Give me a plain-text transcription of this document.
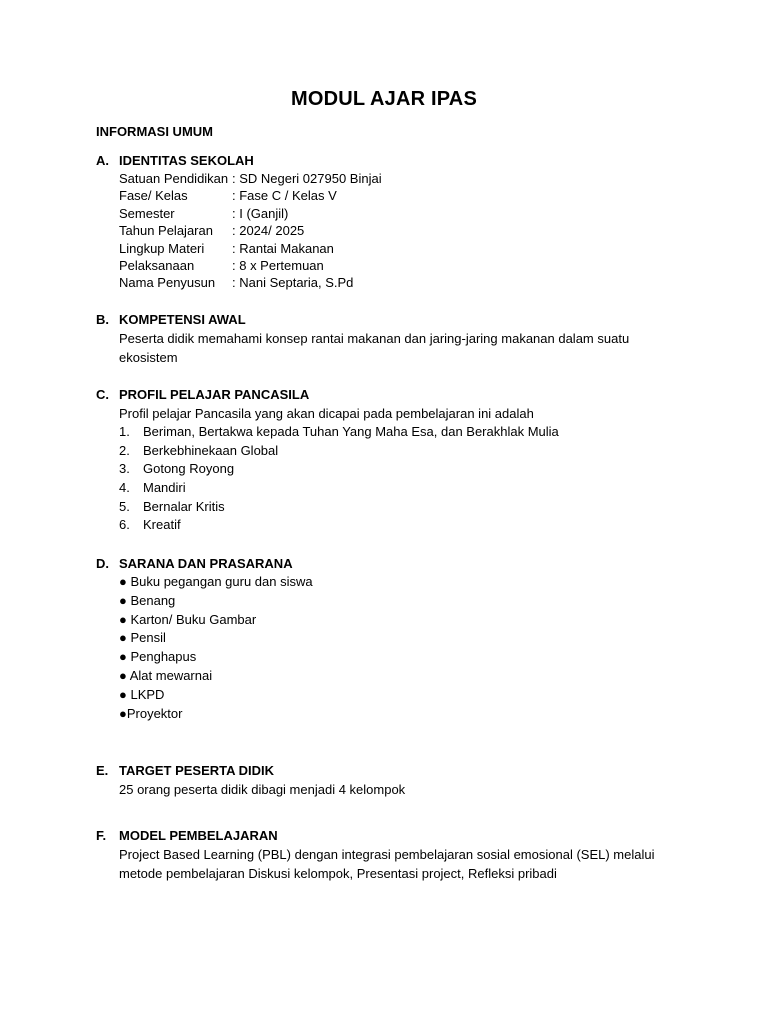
MODUL AJAR IPAS
INFORMASI UMUM
A. IDENTITAS SEKOLAH
Satuan Pendidikan : SD Negeri 027950 Binjai
Fase/ Kelas	: Fase C / Kelas V
Semester	: I (Ganjil)
Tahun Pelajaran : 2024/ 2025
Lingkup Materi : Rantai Makanan
Pelaksanaan	: 8 x Pertemuan
Nama Penyusun : Nani Septaria, S.Pd
B. KOMPETENSI AWAL
Peserta didik memahami konsep rantai makanan dan jaring-jaring makanan dalam suatu ekosistem
C. PROFIL PELAJAR PANCASILA
Profil pelajar Pancasila yang akan dicapai pada pembelajaran ini adalah
1. Beriman, Bertakwa kepada Tuhan Yang Maha Esa, dan Berakhlak Mulia
2. Berkebhinekaan Global
3. Gotong Royong
4. Mandiri
5. Bernalar Kritis
6. Kreatif
D. SARANA DAN PRASARANA
● Buku pegangan guru dan siswa
● Benang
● Karton/ Buku Gambar
● Pensil
● Penghapus
● Alat mewarnai
● LKPD
●Proyektor
E. TARGET PESERTA DIDIK
25 orang peserta didik dibagi menjadi 4 kelompok
F. MODEL PEMBELAJARAN
Project Based Learning (PBL) dengan integrasi pembelajaran sosial emosional (SEL) melalui metode pembelajaran Diskusi kelompok, Presentasi project, Refleksi pribadi
